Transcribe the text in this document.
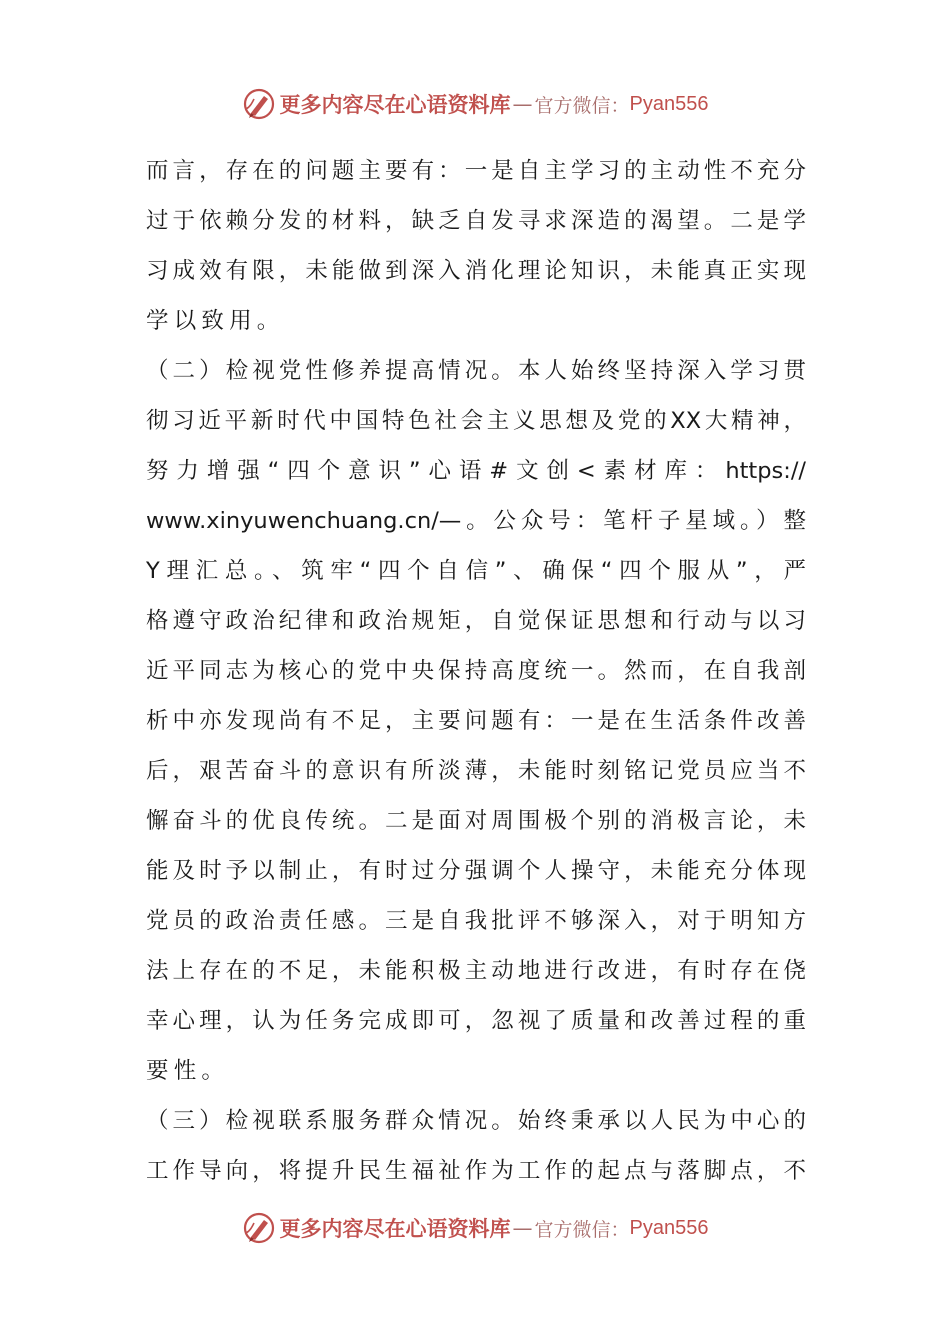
更多内容尽在心语资料库 — 官方微信： Pyan556
而言，存在的问题主要有：一是自主学习的主动性不充分
过于依赖分发的材料，缺乏自发寻求深造的渴望。二是学
习成效有限，未能做到深入消化理论知识，未能真正实现
学以致用。
（二）检视党性修养提高情况。本人始终坚持深入学习贯
彻习近平新时代中国特色社会主义思想及党的XX大精神，
努力增强“四个意识”心语#文创<素材库：https://
www.xinyuwenchuang.cn/—。公众号：笔杆子星域。）整
Y理汇总。、筑牢“四个自信”、确保“四个服从”，严
格遵守政治纪律和政治规矩，自觉保证思想和行动与以习
近平同志为核心的党中央保持高度统一。然而，在自我剖
析中亦发现尚有不足，主要问题有：一是在生活条件改善
后，艰苦奋斗的意识有所淡薄，未能时刻铭记党员应当不
懈奋斗的优良传统。二是面对周围极个别的消极言论，未
能及时予以制止，有时过分强调个人操守，未能充分体现
党员的政治责任感。三是自我批评不够深入，对于明知方
法上存在的不足，未能积极主动地进行改进，有时存在侥
幸心理，认为任务完成即可，忽视了质量和改善过程的重
要性。
（三）检视联系服务群众情况。始终秉承以人民为中心的
工作导向，将提升民生福祉作为工作的起点与落脚点，不
更多内容尽在心语资料库 — 官方微信： Pyan556
